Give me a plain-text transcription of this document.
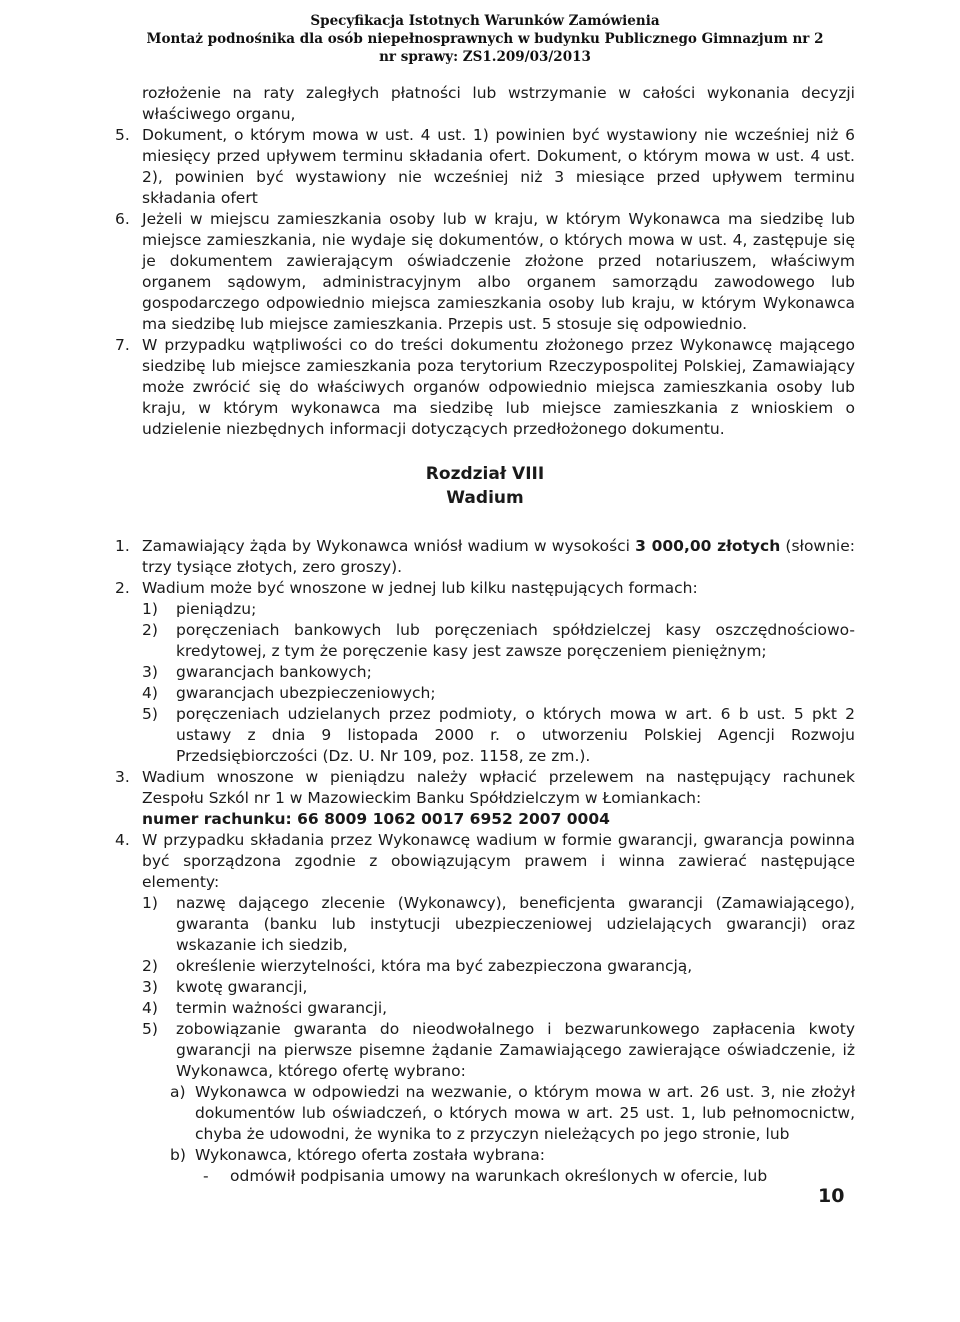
Specyfikacja Istotnych Warunków Zamówienia
Montaż podnośnika dla osób niepełnosprawnych w budynku Publicznego Gimnazjum nr 2
nr sprawy: ZS1.209/03/2013

rozłożenie na raty zaległych płatności lub wstrzymanie w całości wykonania decyzji właściwego organu,

5. Dokument, o którym mowa w ust. 4 ust. 1) powinien być wystawiony nie wcześniej niż 6 miesięcy przed upływem terminu składania ofert. Dokument, o którym mowa w ust. 4 ust. 2), powinien być wystawiony nie wcześniej niż 3 miesiące przed upływem terminu składania ofert

6. Jeżeli w miejscu zamieszkania osoby lub w kraju, w którym Wykonawca ma siedzibę lub miejsce zamieszkania, nie wydaje się dokumentów, o których mowa w ust. 4, zastępuje się je dokumentem zawierającym oświadczenie złożone przed notariuszem, właściwym organem sądowym, administracyjnym albo organem samorządu zawodowego lub gospodarczego odpowiednio miejsca zamieszkania osoby lub kraju, w którym Wykonawca ma siedzibę lub miejsce zamieszkania. Przepis ust. 5 stosuje się odpowiednio.

7. W przypadku wątpliwości co do treści dokumentu złożonego przez Wykonawcę mającego siedzibę lub miejsce zamieszkania poza terytorium Rzeczypospolitej Polskiej, Zamawiający może zwrócić się do właściwych organów odpowiednio miejsca zamieszkania osoby lub kraju, w którym wykonawca ma siedzibę lub miejsce zamieszkania z wnioskiem o udzielenie niezbędnych informacji dotyczących przedłożonego dokumentu.

Rozdział VIII
Wadium

1. Zamawiający żąda by Wykonawca wniósł wadium w wysokości 3 000,00 złotych (słownie: trzy tysiące złotych, zero groszy).

2. Wadium może być wnoszone w jednej lub kilku następujących formach:

1) pieniądzu;

2) poręczeniach bankowych lub poręczeniach spółdzielczej kasy oszczędnościowo-kredytowej, z tym że poręczenie kasy jest zawsze poręczeniem pieniężnym;

3) gwarancjach bankowych;

4) gwarancjach ubezpieczeniowych;

5) poręczeniach udzielanych przez podmioty, o których mowa w art. 6 b ust. 5 pkt 2 ustawy z dnia 9 listopada 2000 r. o utworzeniu Polskiej Agencji Rozwoju Przedsiębiorczości (Dz. U. Nr 109, poz. 1158, ze zm.).

3. Wadium wnoszone w pieniądzu należy wpłacić przelewem na następujący rachunek Zespołu Szkól nr 1 w Mazowieckim Banku Spółdzielczym w Łomiankach:
numer rachunku: 66 8009 1062 0017 6952 2007 0004

4. W przypadku składania przez Wykonawcę wadium w formie gwarancji, gwarancja powinna być sporządzona zgodnie z obowiązującym prawem i winna zawierać następujące elementy:

1) nazwę dającego zlecenie (Wykonawcy), beneficjenta gwarancji (Zamawiającego), gwaranta (banku lub instytucji ubezpieczeniowej udzielających gwarancji) oraz wskazanie ich siedzib,

2) określenie wierzytelności, która ma być zabezpieczona gwarancją,

3) kwotę gwarancji,

4) termin ważności gwarancji,

5) zobowiązanie gwaranta do nieodwołalnego i bezwarunkowego zapłacenia kwoty gwarancji na pierwsze pisemne żądanie Zamawiającego zawierające oświadczenie, iż Wykonawca, którego ofertę wybrano:

a) Wykonawca w odpowiedzi na wezwanie, o którym mowa w art. 26 ust. 3, nie złożył dokumentów lub oświadczeń, o których mowa w art. 25 ust. 1, lub pełnomocnictw, chyba że udowodni, że wynika to z przyczyn nieleżących po jego stronie, lub

b) Wykonawca, którego oferta została wybrana:

- odmówił podpisania umowy na warunkach określonych w ofercie, lub

10
